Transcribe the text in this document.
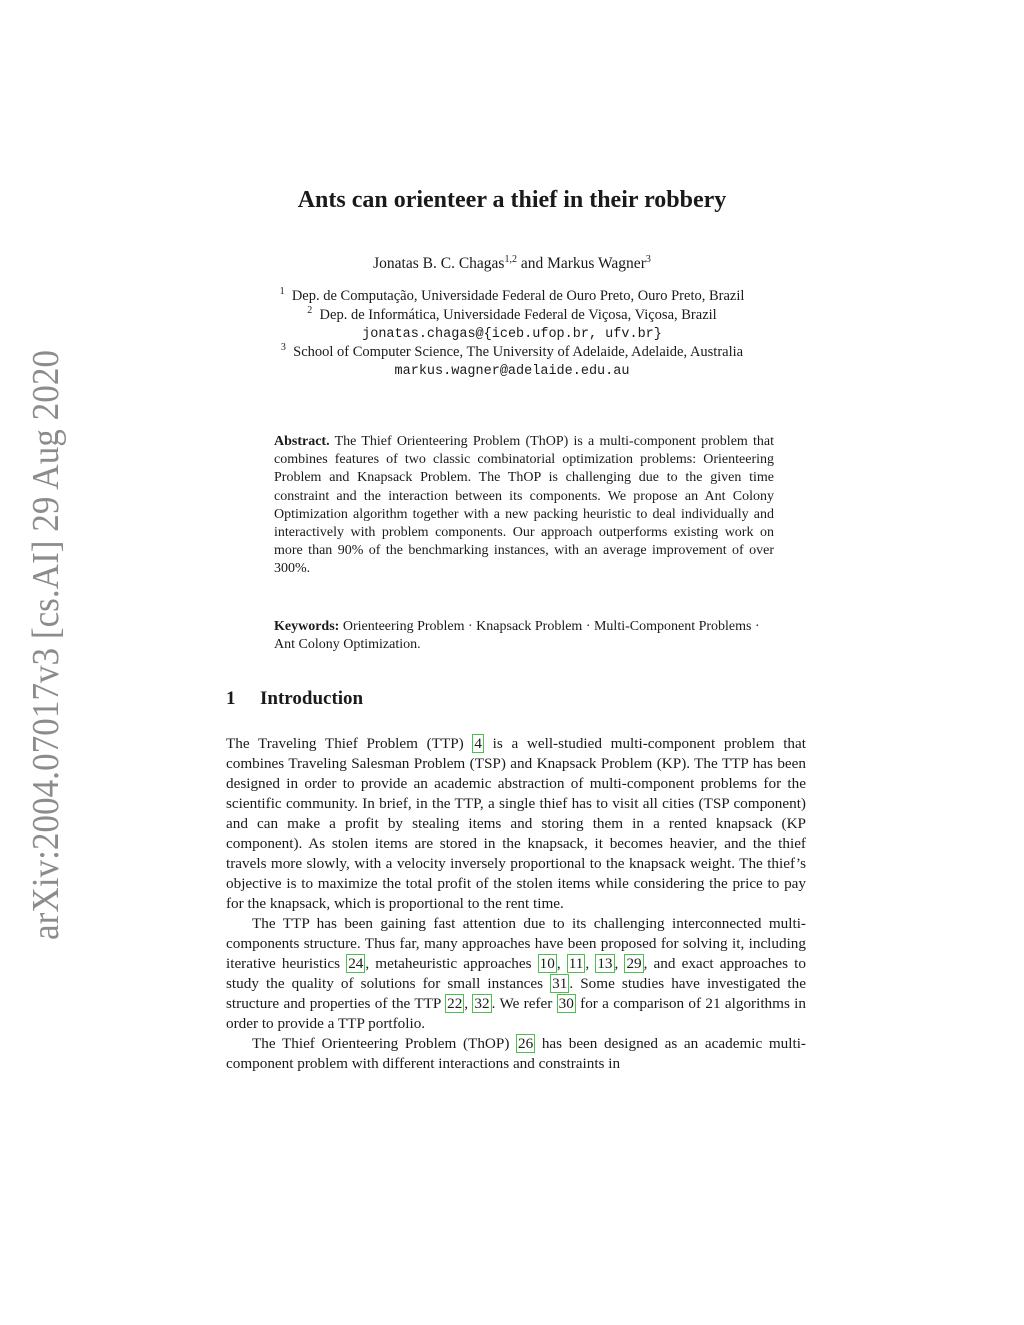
arXiv:2004.07017v3 [cs.AI] 29 Aug 2020
Ants can orienteer a thief in their robbery
Jonatas B. C. Chagas$^{1,2}$ and Markus Wagner$^3$
$^1$ Dep. de Computação, Universidade Federal de Ouro Preto, Ouro Preto, Brazil
$^2$ Dep. de Informática, Universidade Federal de Viçosa, Viçosa, Brazil
jonatas.chagas@{iceb.ufop.br, ufv.br}
$^3$ School of Computer Science, The University of Adelaide, Adelaide, Australia
markus.wagner@adelaide.edu.au
Abstract. The Thief Orienteering Problem (ThOP) is a multi-component problem that combines features of two classic combinatorial optimization problems: Orienteering Problem and Knapsack Problem. The ThOP is challenging due to the given time constraint and the interaction between its components. We propose an Ant Colony Optimization algorithm together with a new packing heuristic to deal individually and interactively with problem components. Our approach outperforms existing work on more than 90% of the benchmarking instances, with an average improvement of over 300%.
Keywords: Orienteering Problem · Knapsack Problem · Multi-Component Problems · Ant Colony Optimization.
1 Introduction

The Traveling Thief Problem (TTP) 4 is a well-studied multi-component problem that combines Traveling Salesman Problem (TSP) and Knapsack Problem (KP). The TTP has been designed in order to provide an academic abstraction of multi-component problems for the scientific community. In brief, in the TTP, a single thief has to visit all cities (TSP component) and can make a profit by stealing items and storing them in a rented knapsack (KP component). As stolen items are stored in the knapsack, it becomes heavier, and the thief travels more slowly, with a velocity inversely proportional to the knapsack weight. The thief’s objective is to maximize the total profit of the stolen items while considering the price to pay for the knapsack, which is proportional to the rent time.

The TTP has been gaining fast attention due to its challenging interconnected multi-components structure. Thus far, many approaches have been proposed for solving it, including iterative heuristics 24 , metaheuristic approaches 10 , 11 , 13 , 29 , and exact approaches to study the quality of solutions for small instances 31 . Some studies have investigated the structure and properties of the TTP 22 , 32 . We refer 30 for a comparison of 21 algorithms in order to provide a TTP portfolio.

The Thief Orienteering Problem (ThOP) 26 has been designed as an academic multi-component problem with different interactions and constraints in
